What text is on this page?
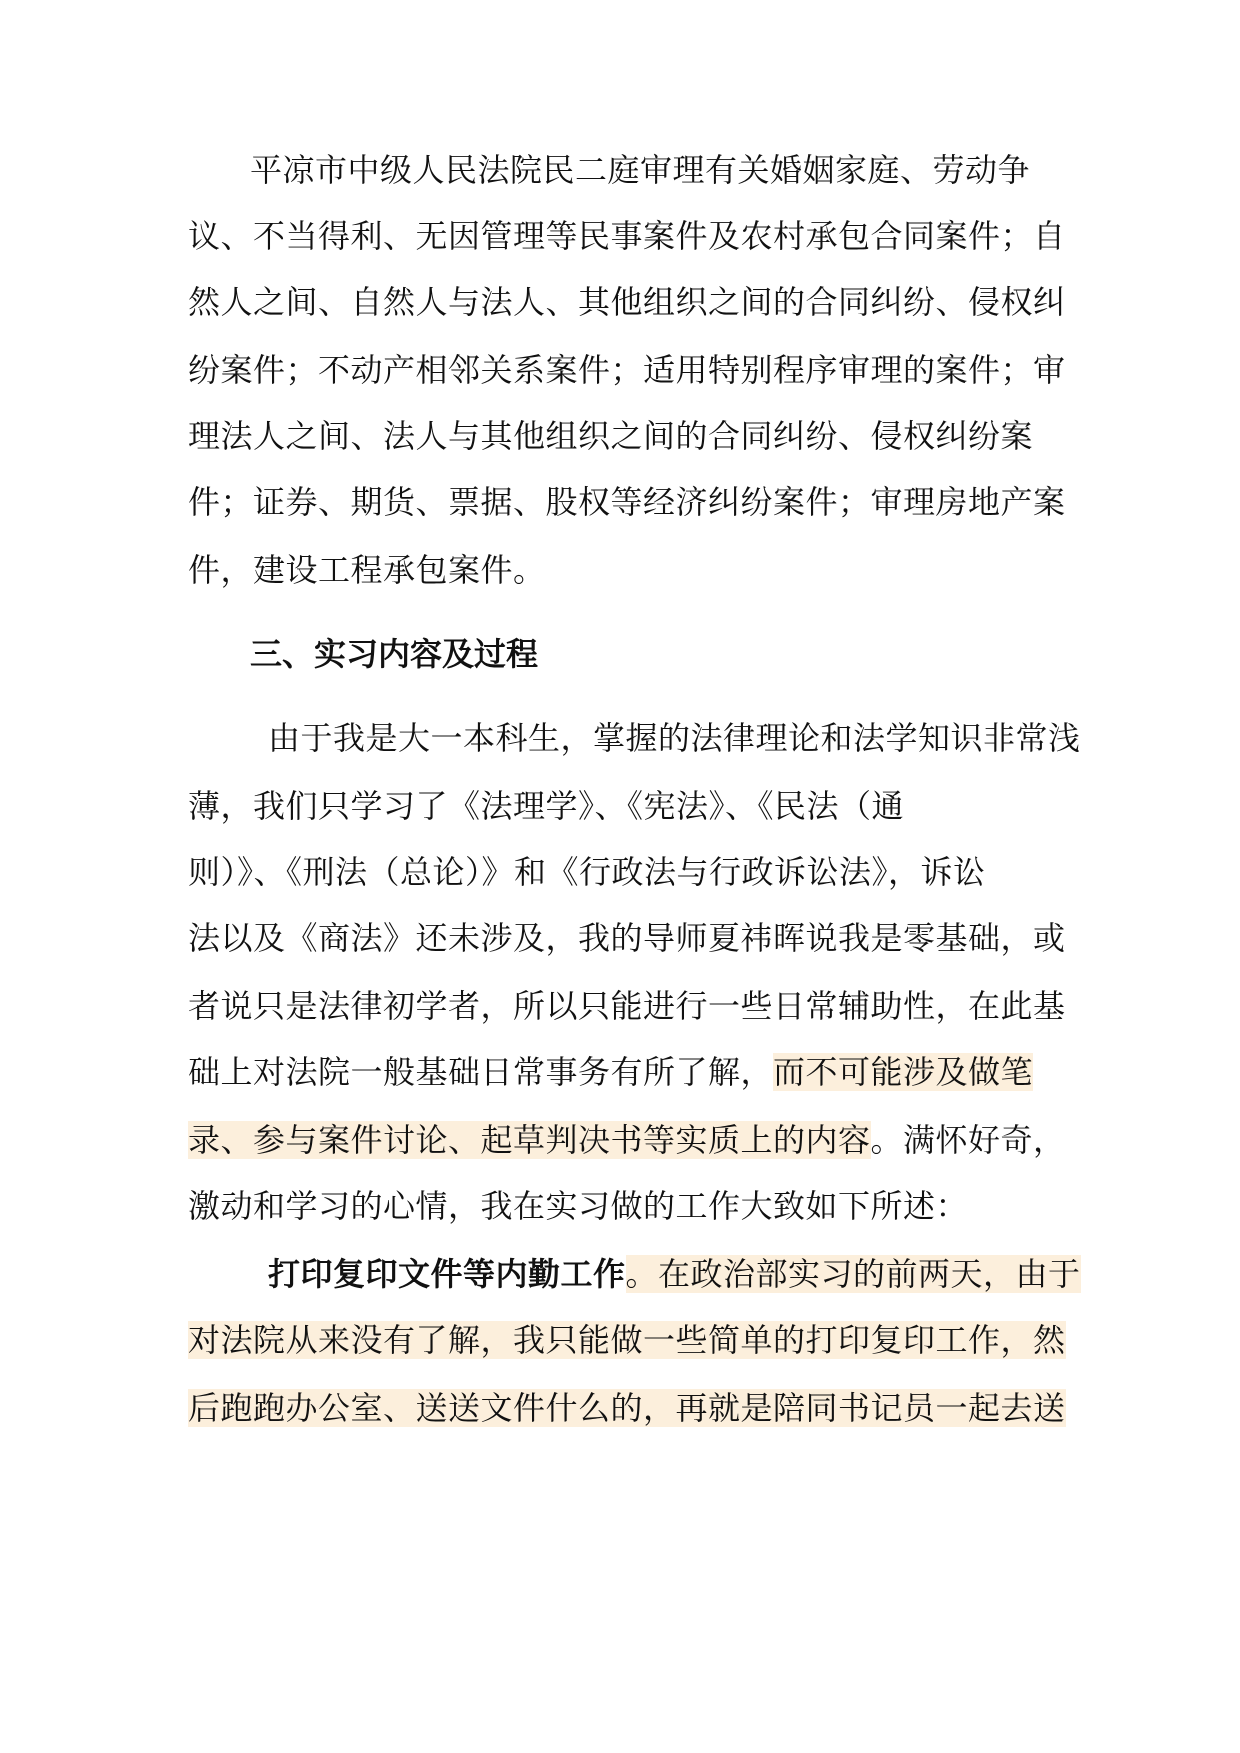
平凉市中级人民法院民二庭审理有关婚姻家庭、劳动争
议、不当得利、无因管理等民事案件及农村承包合同案件；自
然人之间、自然人与法人、其他组织之间的合同纠纷、侵权纠
纷案件；不动产相邻关系案件；适用特别程序审理的案件；审
理法人之间、法人与其他组织之间的合同纠纷、侵权纠纷案
件；证券、期货、票据、股权等经济纠纷案件；审理房地产案
件，建设工程承包案件。
三、实习内容及过程
由于我是大一本科生，掌握的法律理论和法学知识非常浅
薄，我们只学习了《法理学》、《宪法》、《民法（通
则）》、《刑法（总论）》和《行政法与行政诉讼法》，诉讼
法以及《商法》还未涉及，我的导师夏祎晖说我是零基础，或
者说只是法律初学者，所以只能进行一些日常辅助性，在此基
础上对法院一般基础日常事务有所了解，而不可能涉及做笔
录、参与案件讨论、起草判决书等实质上的内容。满怀好奇，
激动和学习的心情，我在实习做的工作大致如下所述：
打印复印文件等内勤工作。在政治部实习的前两天，由于
对法院从来没有了解，我只能做一些简单的打印复印工作，然
后跑跑办公室、送送文件什么的，再就是陪同书记员一起去送
